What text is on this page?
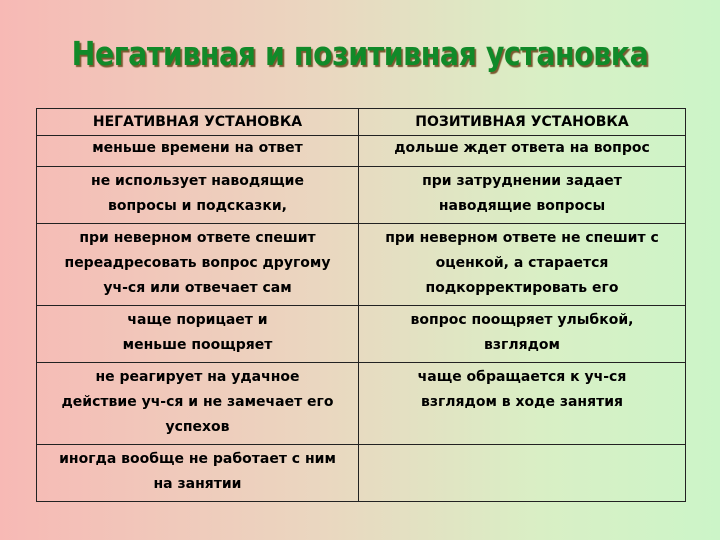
Негативная и позитивная установка
НЕГАТИВНАЯ УСТАНОВКА	ПОЗИТИВНАЯ УСТАНОВКА
меньше времени на ответ	дольше ждет ответа на вопрос
не использует наводящие вопросы и подсказки,	при затруднении задает наводящие вопросы
при неверном ответе спешит переадресовать вопрос другому уч-ся или отвечает сам	при неверном ответе не спешит с оценкой, а старается подкорректировать его
чаще порицает и меньше поощряет	вопрос поощряет улыбкой, взглядом
не реагирует на удачное действие уч-ся и не замечает его успехов	чаще обращается к уч-ся взглядом в ходе занятия
иногда вообще не работает с ним на занятии	
